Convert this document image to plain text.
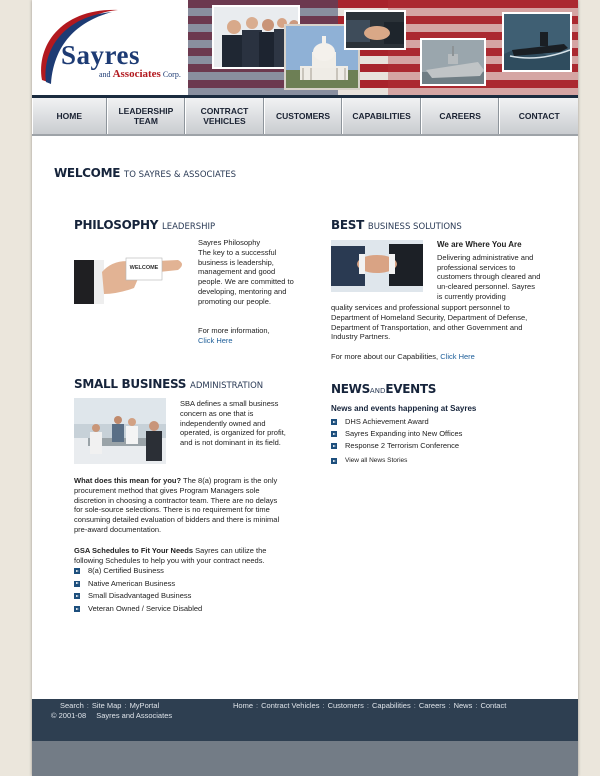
Sayres
and Associates Corp.
HOME	LEADERSHIP TEAM
CONTRACT VEHICLES	CUSTOMERS	CAPABILITIES	CAREERS	CONTACT
WELCOME TO SAYRES & ASSOCIATES
PHILOSOPHY LEADERSHIP
WELCOME
Sayres Philosophy
The key to a successful business is leadership, management and good people. We are committed to developing, mentoring and promoting our people.
For more information,
Click Here
BEST BUSINESS SOLUTIONS
We are Where You Are
Delivering administrative and professional services to customers through cleared and un-cleared personnel. Sayres is currently providing
quality services and professional support personnel to Department of Homeland Security, Department of Defense, Department of Transportation, and other Government and Industry Partners.
For more about our Capabilities, Click Here
SMALL BUSINESS ADMINISTRATION
SBA defines a small business concern as one that is independently owned and operated, is organized for profit, and is not dominant in its field.
What does this mean for you? The 8(a) program is the only procurement method that gives Program Managers sole discretion in choosing a contractor team. There are no delays for sole-source selections. There is no requirement for time consuming detailed evaluation of bidders and there is minimal pre-award documentation.
GSA Schedules to Fit Your Needs Sayres can utilize the following Schedules to help you with your contract needs.
8(a) Certified Business
Native American Business
Small Disadvantaged Business
Veteran Owned / Service Disabled
NEWSANDEVENTS
News and events happening at Sayres
DHS Achievement Award
Sayres Expanding into New Offices
Response 2 Terrorism Conference
View all News Stories
Search : Site Map : MyPortal
© 2001-08 Sayres and Associates
Home : Contract Vehicles : Customers : Capabilities : Careers : News : Contact
